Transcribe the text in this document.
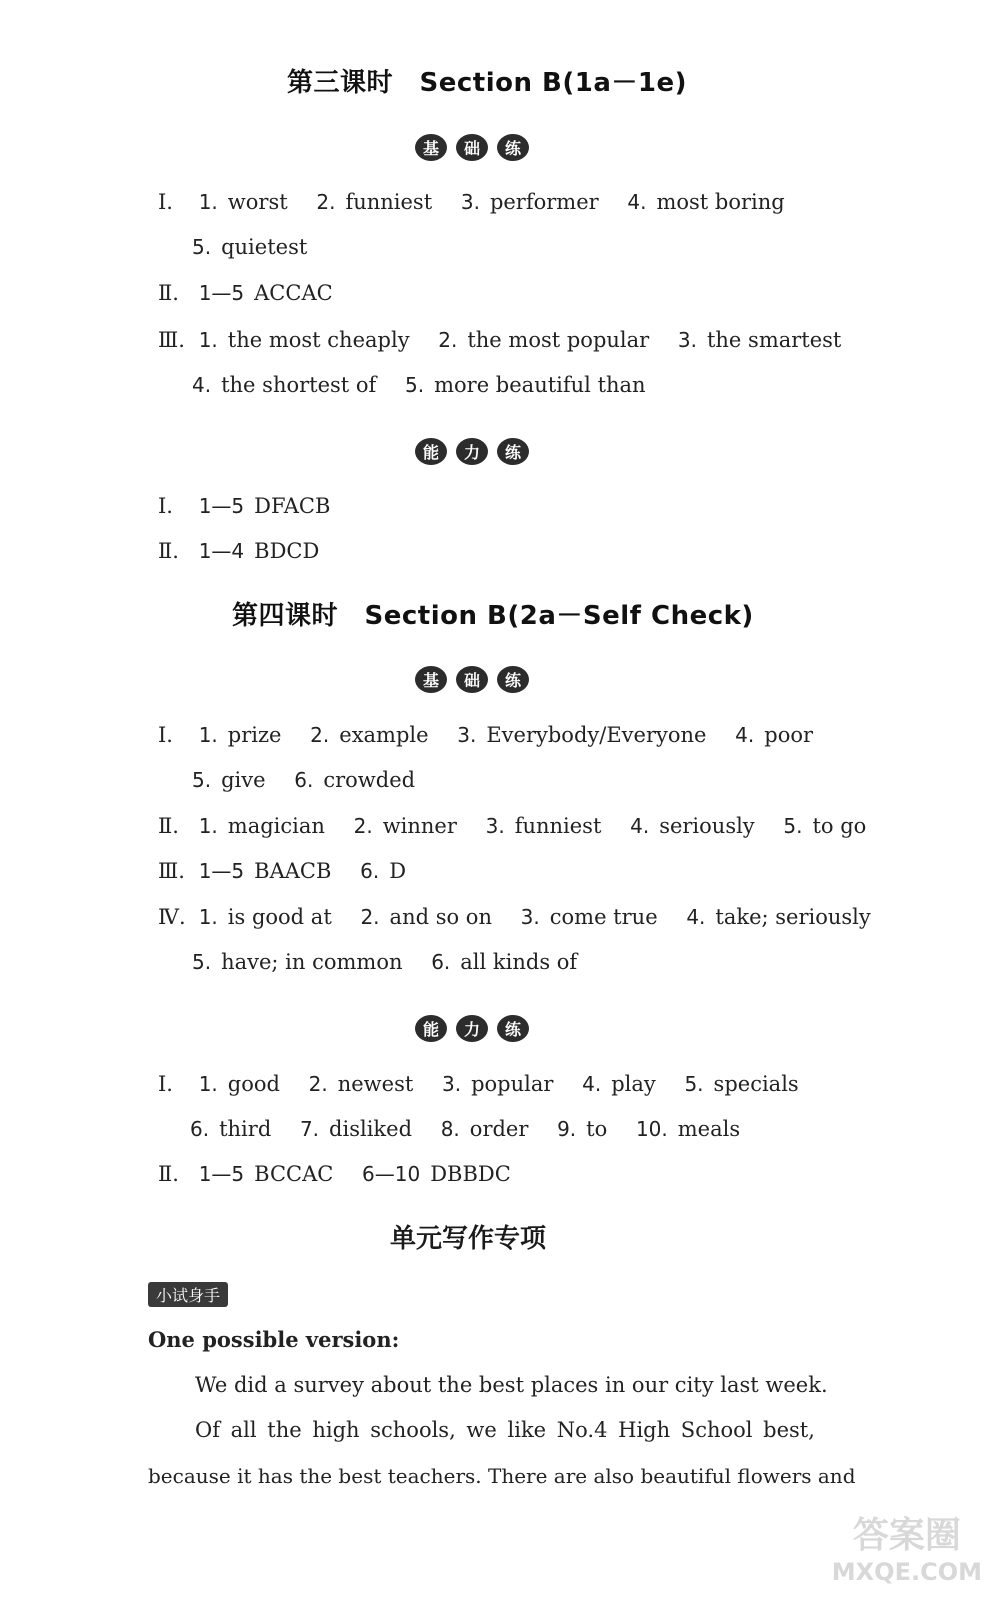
第三课时　Section B(1a－1e)
基	础	练
Ⅰ. 1. worst 2. funniest 3. performer 4. most boring
5. quietest
Ⅱ. 1—5 ACCAC
Ⅲ. 1. the most cheaply 2. the most popular 3. the smartest
4. the shortest of 5. more beautiful than
能	力	练
Ⅰ. 1—5 DFACB
Ⅱ. 1—4 BDCD
第四课时　Section B(2a－Self Check)
基	础	练
Ⅰ. 1. prize 2. example 3. Everybody/Everyone 4. poor
5. give 6. crowded
Ⅱ. 1. magician 2. winner 3. funniest 4. seriously 5. to go
Ⅲ. 1—5 BAACB 6. D
Ⅳ. 1. is good at 2. and so on 3. come true 4. take; seriously
5. have; in common 6. all kinds of
能	力	练
Ⅰ. 1. good 2. newest 3. popular 4. play 5. specials
6. third 7. disliked 8. order 9. to 10. meals
Ⅱ. 1—5 BCCAC 6—10 DBBDC
单元写作专项
小试身手
One possible version:
We did a survey about the best places in our city last week.
Of all the high schools, we like No.4 High School best,
because it has the best teachers. There are also beautiful flowers and
答案圈
MXQE.COM
